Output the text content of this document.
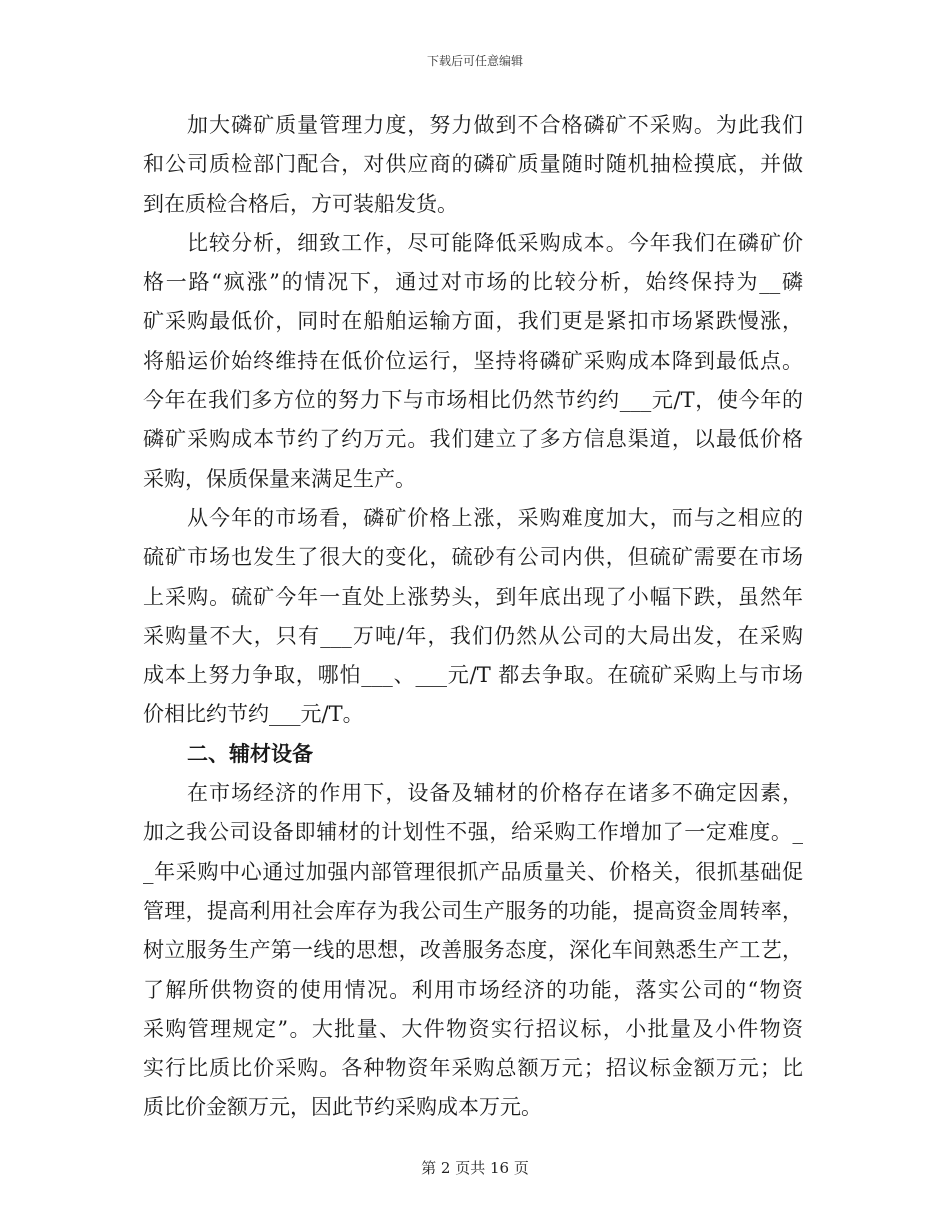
下载后可任意编辑
加大磷矿质量管理力度，努力做到不合格磷矿不采购。为此我们
和公司质检部门配合，对供应商的磷矿质量随时随机抽检摸底，并做
到在质检合格后，方可装船发货。
比较分析，细致工作，尽可能降低采购成本。今年我们在磷矿价
格一路“疯涨”的情况下，通过对市场的比较分析，始终保持为__磷
矿采购最低价，同时在船舶运输方面，我们更是紧扣市场紧跌慢涨，
将船运价始终维持在低价位运行，坚持将磷矿采购成本降到最低点。
今年在我们多方位的努力下与市场相比仍然节约约___元/T，使今年的
磷矿采购成本节约了约万元。我们建立了多方信息渠道，以最低价格
采购，保质保量来满足生产。
从今年的市场看，磷矿价格上涨，采购难度加大，而与之相应的
硫矿市场也发生了很大的变化，硫砂有公司内供，但硫矿需要在市场
上采购。硫矿今年一直处上涨势头，到年底出现了小幅下跌，虽然年
采购量不大，只有___万吨/年，我们仍然从公司的大局出发，在采购
成本上努力争取，哪怕___、___元/T 都去争取。在硫矿采购上与市场
价相比约节约___元/T。
二、辅材设备
在市场经济的作用下，设备及辅材的价格存在诸多不确定因素，
加之我公司设备即辅材的计划性不强，给采购工作增加了一定难度。_
_年采购中心通过加强内部管理很抓产品质量关、价格关，很抓基础促
管理，提高利用社会库存为我公司生产服务的功能，提高资金周转率，
树立服务生产第一线的思想，改善服务态度，深化车间熟悉生产工艺，
了解所供物资的使用情况。利用市场经济的功能，落实公司的“物资
采购管理规定”。大批量、大件物资实行招议标，小批量及小件物资
实行比质比价采购。各种物资年采购总额万元；招议标金额万元；比
质比价金额万元，因此节约采购成本万元。
第 2 页共 16 页
